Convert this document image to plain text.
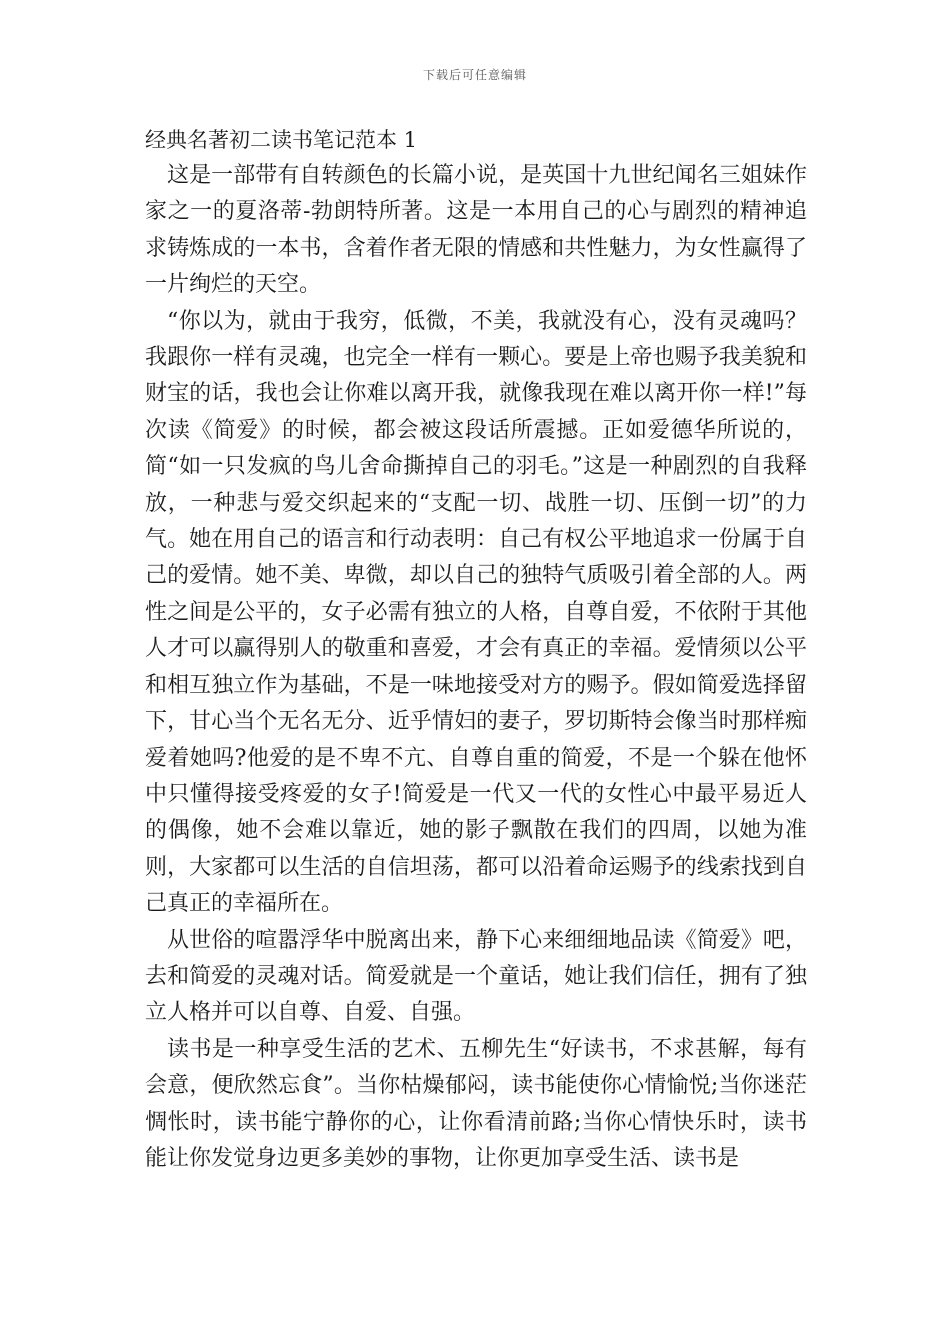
下载后可任意编辑
经典名著初二读书笔记范本 1

这是一部带有自转颜色的长篇小说，是英国十九世纪闻名三姐妹作家之一的夏洛蒂-勃朗特所著。这是一本用自己的心与剧烈的精神追求铸炼成的一本书，含着作者无限的情感和共性魅力，为女性赢得了一片绚烂的天空。

“你以为，就由于我穷，低微，不美，我就没有心，没有灵魂吗？我跟你一样有灵魂，也完全一样有一颗心。要是上帝也赐予我美貌和财宝的话，我也会让你难以离开我，就像我现在难以离开你一样!”每次读《简爱》的时候，都会被这段话所震撼。正如爱德华所说的，简“如一只发疯的鸟儿舍命撕掉自己的羽毛。”这是一种剧烈的自我释放，一种悲与爱交织起来的“支配一切、战胜一切、压倒一切”的力气。她在用自己的语言和行动表明：自己有权公平地追求一份属于自己的爱情。她不美、卑微，却以自己的独特气质吸引着全部的人。两性之间是公平的，女子必需有独立的人格，自尊自爱，不依附于其他人才可以赢得别人的敬重和喜爱，才会有真正的幸福。爱情须以公平和相互独立作为基础，不是一味地接受对方的赐予。假如简爱选择留下，甘心当个无名无分、近乎情妇的妻子，罗切斯特会像当时那样痴爱着她吗?他爱的是不卑不亢、自尊自重的简爱，不是一个躲在他怀中只懂得接受疼爱的女子!简爱是一代又一代的女性心中最平易近人的偶像，她不会难以靠近，她的影子飘散在我们的四周，以她为准则，大家都可以生活的自信坦荡，都可以沿着命运赐予的线索找到自己真正的幸福所在。

从世俗的喧嚣浮华中脱离出来，静下心来细细地品读《简爱》吧，去和简爱的灵魂对话。简爱就是一个童话，她让我们信任，拥有了独立人格并可以自尊、自爱、自强。

读书是一种享受生活的艺术、五柳先生“好读书，不求甚解，每有会意，便欣然忘食”。当你枯燥郁闷，读书能使你心情愉悦;当你迷茫惆怅时，读书能宁静你的心，让你看清前路;当你心情快乐时，读书能让你发觉身边更多美妙的事物，让你更加享受生活、读书是
